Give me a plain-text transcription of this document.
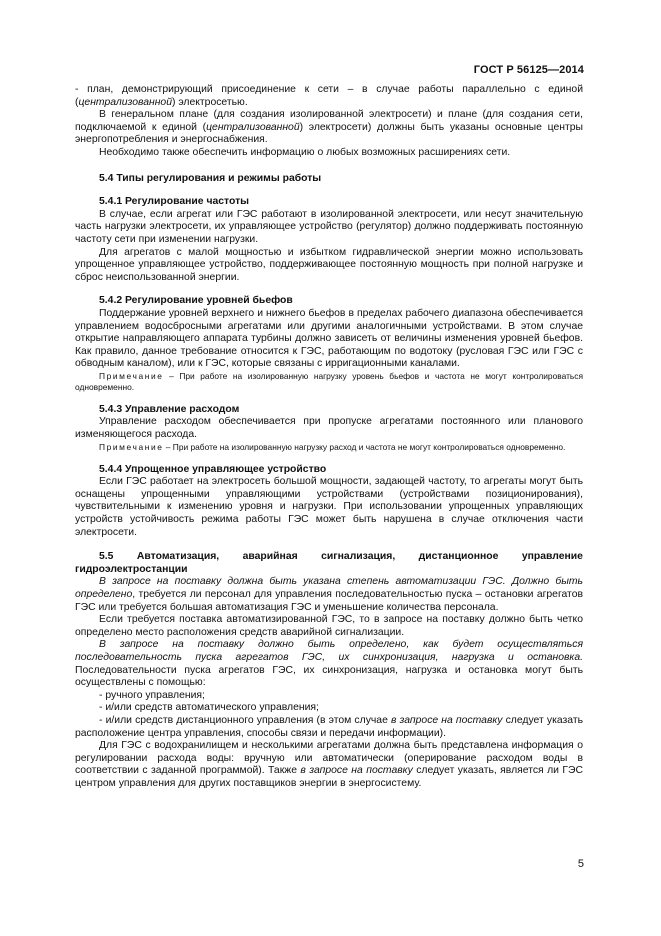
ГОСТ Р 56125—2014

- план, демонстрирующий присоединение к сети – в случае работы параллельно с единой (централизованной) электросетью.

В генеральном плане (для создания изолированной электросети) и плане (для создания сети, подключаемой к единой (централизованной) электросети) должны быть указаны основные центры энергопотребления и энергоснабжения.

Необходимо также обеспечить информацию о любых возможных расширениях сети.

5.4 Типы регулирования и режимы работы
5.4.1 Регулирование частоты

В случае, если агрегат или ГЭС работают в изолированной электросети, или несут значительную часть нагрузки электросети, их управляющее устройство (регулятор) должно поддерживать постоянную частоту сети при изменении нагрузки.

Для агрегатов с малой мощностью и избытком гидравлической энергии можно использовать упрощенное управляющее устройство, поддерживающее постоянную мощность при полной нагрузке и сброс неиспользованной энергии.

5.4.2 Регулирование уровней бьефов

Поддержание уровней верхнего и нижнего бьефов в пределах рабочего диапазона обеспечивается управлением водосбросными агрегатами или другими аналогичными устройствами. В этом случае открытие направляющего аппарата турбины должно зависеть от величины изменения уровней бьефов. Как правило, данное требование относится к ГЭС, работающим по водотоку (русловая ГЭС или ГЭС с обводным каналом), или к ГЭС, которые связаны с ирригационными каналами.

Примечание – При работе на изолированную нагрузку уровень бьефов и частота не могут контролироваться одновременно.

5.4.3 Управление расходом

Управление расходом обеспечивается при пропуске агрегатами постоянного или планового изменяющегося расхода.

Примечание – При работе на изолированную нагрузку расход и частота не могут контролироваться одновременно.

5.4.4 Упрощенное управляющее устройство

Если ГЭС работает на электросеть большой мощности, задающей частоту, то агрегаты могут быть оснащены упрощенными управляющими устройствами (устройствами позиционирования), чувствительными к изменению уровня и нагрузки. При использовании упрощенных управляющих устройств устойчивость режима работы ГЭС может быть нарушена в случае отключения части электросети.

5.5 Автоматизация, аварийная сигнализация, дистанционное управление
гидроэлектростанции

В запросе на поставку должна быть указана степень автоматизации ГЭС. Должно быть определено, требуется ли персонал для управления последовательностью пуска – остановки агрегатов ГЭС или требуется большая автоматизация ГЭС и уменьшение количества персонала.

Если требуется поставка автоматизированной ГЭС, то в запросе на поставку должно быть четко определено место расположения средств аварийной сигнализации.

В запросе на поставку должно быть определено, как будет осуществляться последовательность пуска агрегатов ГЭС, их синхронизация, нагрузка и остановка. Последовательности пуска агрегатов ГЭС, их синхронизация, нагрузка и остановка могут быть осуществлены с помощью:

- ручного управления;

- и/или средств автоматического управления;

- и/или средств дистанционного управления (в этом случае в запросе на поставку следует указать расположение центра управления, способы связи и передачи информации).

Для ГЭС с водохранилищем и несколькими агрегатами должна быть представлена информация о регулировании расхода воды: вручную или автоматически (оперирование расходом воды в соответствии с заданной программой). Также в запросе на поставку следует указать, является ли ГЭС центром управления для других поставщиков энергии в энергосистему.

5
